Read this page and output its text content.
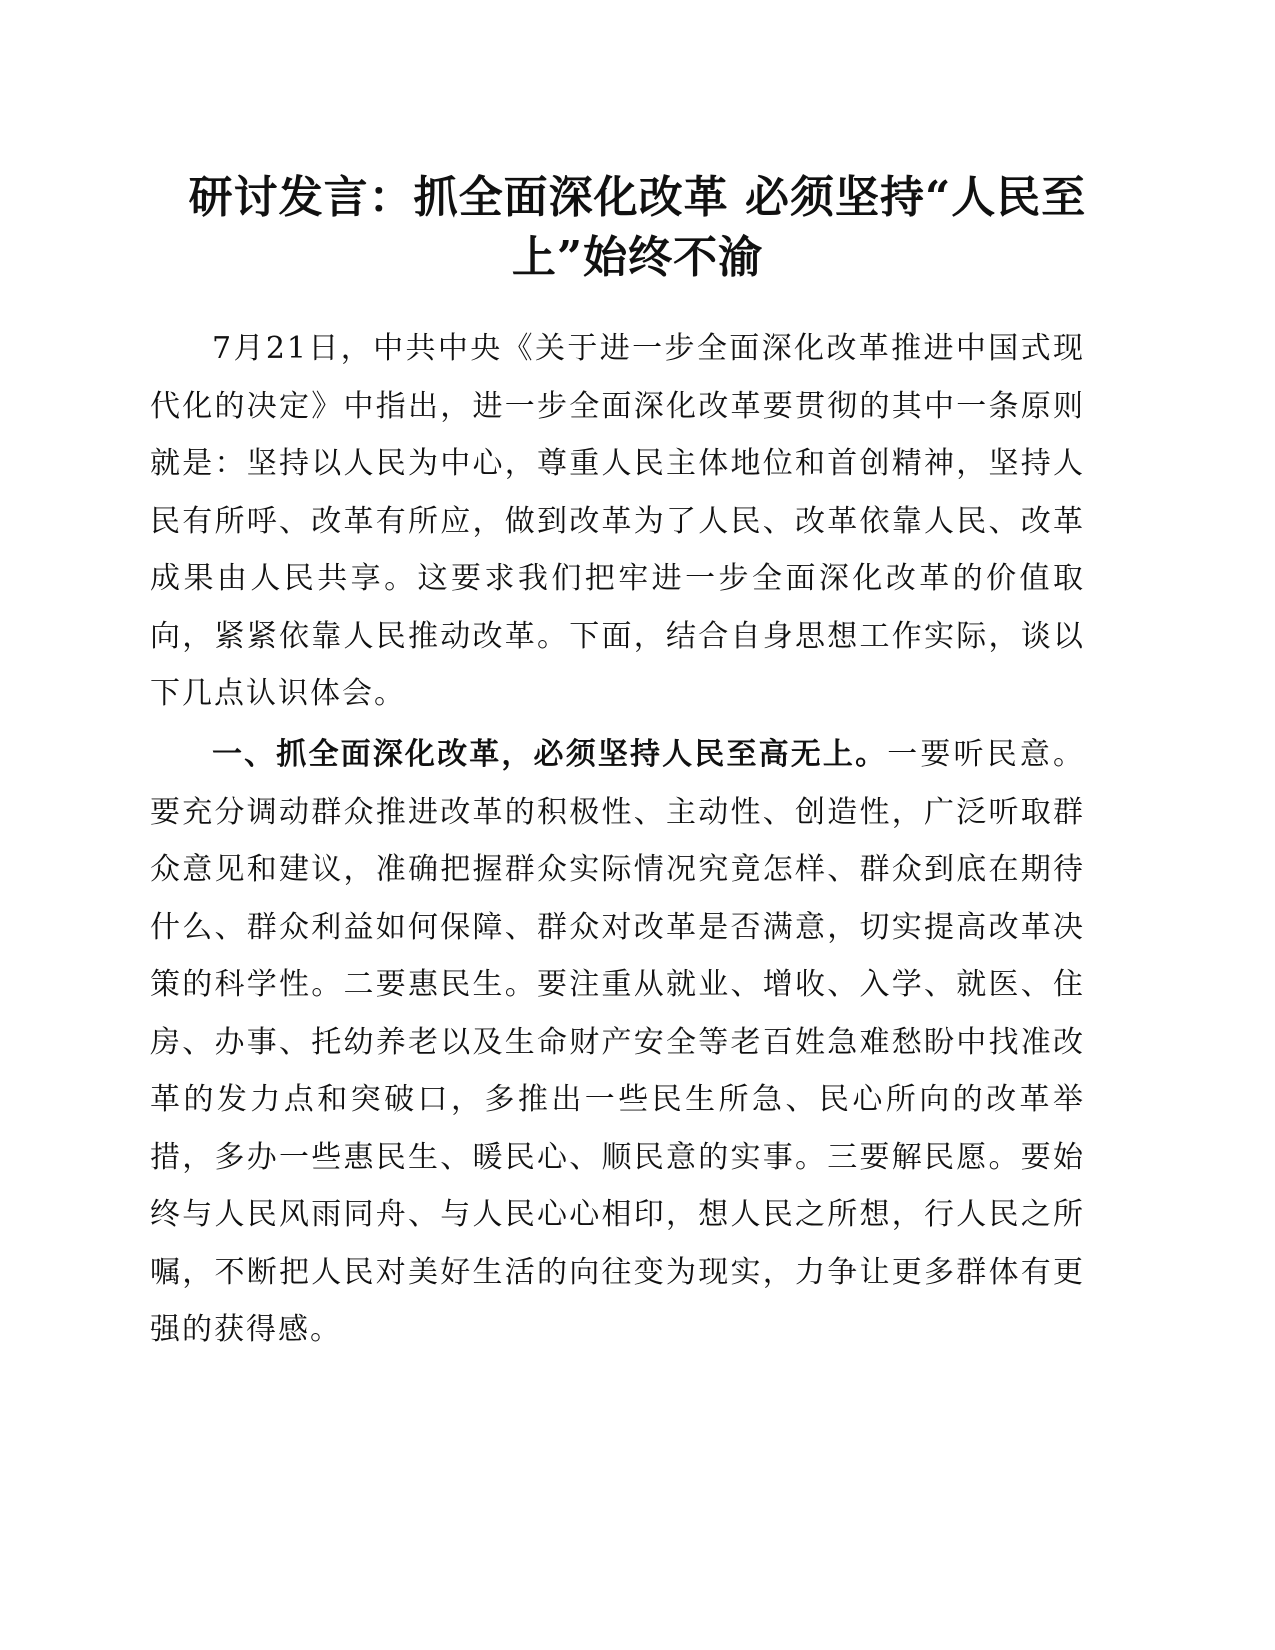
研讨发言：抓全面深化改革 必须坚持“人民至上”始终不渝

7月21日，中共中央《关于进一步全面深化改革推进中国式现代化的决定》中指出，进一步全面深化改革要贯彻的其中一条原则就是：坚持以人民为中心，尊重人民主体地位和首创精神，坚持人民有所呼、改革有所应，做到改革为了人民、改革依靠人民、改革成果由人民共享。这要求我们把牢进一步全面深化改革的价值取向，紧紧依靠人民推动改革。下面，结合自身思想工作实际，谈以下几点认识体会。

一、抓全面深化改革，必须坚持人民至高无上。一要听民意。要充分调动群众推进改革的积极性、主动性、创造性，广泛听取群众意见和建议，准确把握群众实际情况究竟怎样、群众到底在期待什么、群众利益如何保障、群众对改革是否满意，切实提高改革决策的科学性。二要惠民生。要注重从就业、增收、入学、就医、住房、办事、托幼养老以及生命财产安全等老百姓急难愁盼中找准改革的发力点和突破口，多推出一些民生所急、民心所向的改革举措，多办一些惠民生、暖民心、顺民意的实事。三要解民愿。要始终与人民风雨同舟、与人民心心相印，想人民之所想，行人民之所嘱，不断把人民对美好生活的向往变为现实，力争让更多群体有更强的获得感。
